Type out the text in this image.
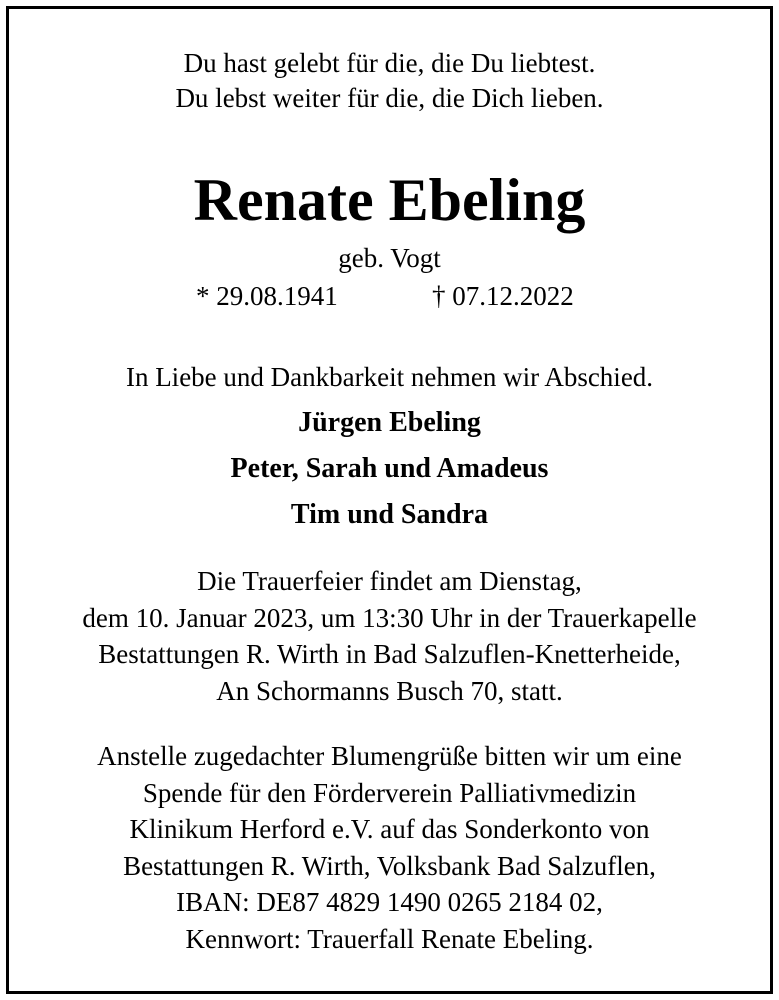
Du hast gelebt für die, die Du liebtest.
Du lebst weiter für die, die Dich lieben.
Renate Ebeling
geb. Vogt
* 29.08.1941	† 07.12.2022
In Liebe und Dankbarkeit nehmen wir Abschied.
Jürgen Ebeling
Peter, Sarah und Amadeus
Tim und Sandra
Die Trauerfeier findet am Dienstag,
dem 10. Januar 2023, um 13:30 Uhr in der Trauerkapelle
Bestattungen R. Wirth in Bad Salzuflen-Knetterheide,
An Schormanns Busch 70, statt.
Anstelle zugedachter Blumengrüße bitten wir um eine
Spende für den Förderverein Palliativmedizin
Klinikum Herford e.V. auf das Sonderkonto von
Bestattungen R. Wirth, Volksbank Bad Salzuflen,
IBAN: DE87 4829 1490 0265 2184 02,
Kennwort: Trauerfall Renate Ebeling.
